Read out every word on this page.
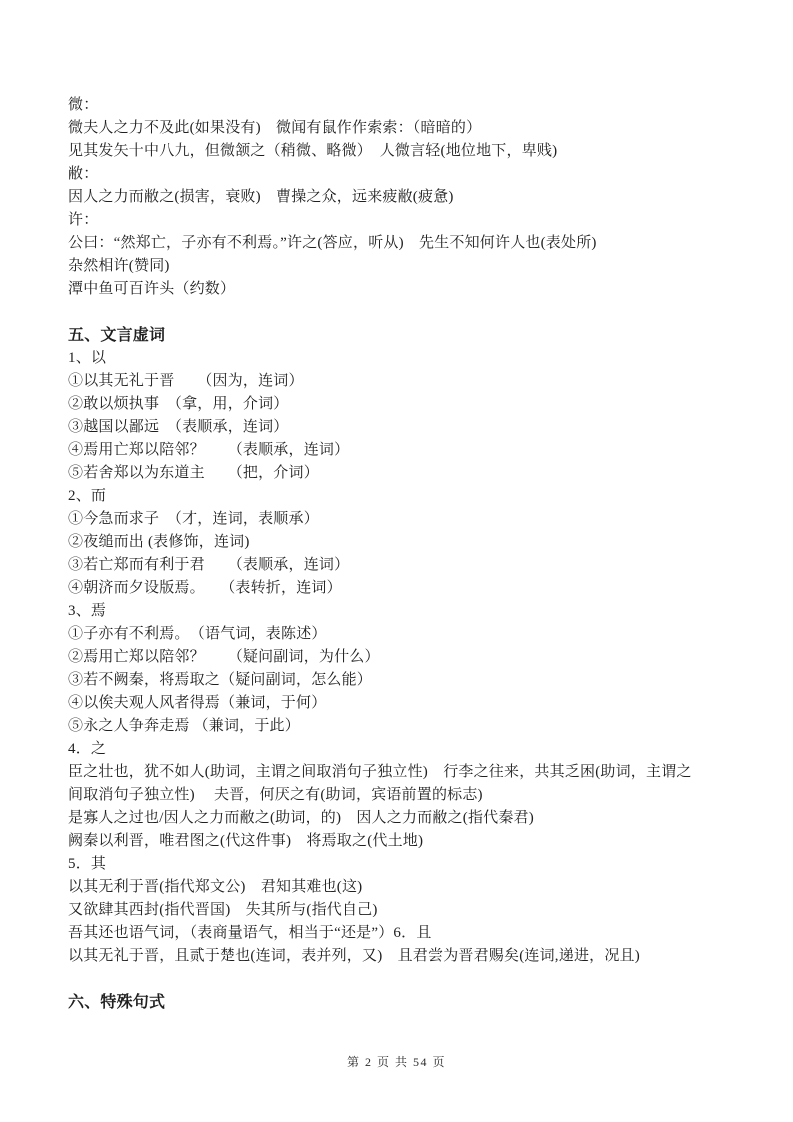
微：

微夫人之力不及此(如果没有)　微闻有鼠作作索索：（暗暗的）

见其发矢十中八九，但微颔之（稍微、略微）　人微言轻(地位地下，卑贱)

敝：

因人之力而敝之(损害，衰败)　曹操之众，远来疲敝(疲惫)

许：

公曰：“然郑亡，子亦有不利焉。”许之(答应，听从)　先生不知何许人也(表处所)

杂然相许(赞同)

潭中鱼可百许头（约数）

五、文言虚词

1、以

①以其无礼于晋　　（因为，连词）

②敢以烦执事　（拿，用，介词）

③越国以鄙远　（表顺承，连词）

④焉用亡郑以陪邻？　　（表顺承，连词）

⑤若舍郑以为东道主　　（把，介词）

2、而

①今急而求子　（才，连词，表顺承）

②夜缒而出 (表修饰，连词)

③若亡郑而有利于君　　（表顺承，连词）

④朝济而夕设版焉。　　（表转折，连词）

3、焉

①子亦有不利焉。　（语气词，表陈述）

②焉用亡郑以陪邻？　　（疑问副词，为什么）

③若不阙秦，将焉取之（疑问副词，怎么能）

④以俟夫观人风者得焉（兼词，于何）

⑤永之人争奔走焉 （兼词，于此）

4．之

臣之壮也，犹不如人(助词，主谓之间取消句子独立性)　行李之往来，共其乏困(助词，主谓之

间取消句子独立性)　 夫晋，何厌之有(助词，宾语前置的标志)

是寡人之过也/因人之力而敝之(助词，的)　因人之力而敝之(指代秦君)

阙秦以利晋，唯君图之(代这件事)　将焉取之(代土地)

5．其

以其无利于晋(指代郑文公)　君知其难也(这)

又欲肆其西封(指代晋国)　失其所与(指代自己)

吾其还也语气词，（表商量语气，相当于“还是”）6．且

以其无礼于晋，且贰于楚也(连词，表并列，又)　且君尝为晋君赐矣(连词,递进，况且)

六、特殊句式

第 2 页 共 54 页
